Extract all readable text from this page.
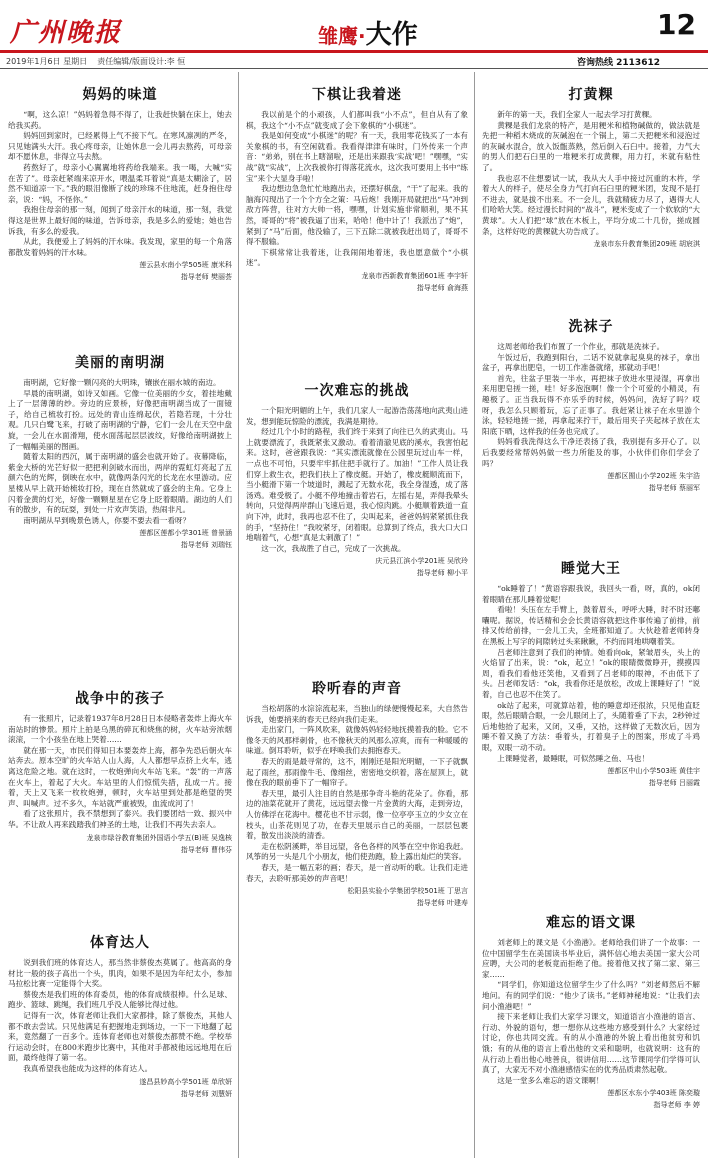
广州晚报	雏鹰·大作	12
2019年1月6日 星期日 责任编辑/版面设计:李 恒	咨询热线 2113612
妈妈的味道

“啊，这么凉！”妈妈着急得不得了，让我赶快躺在床上，她去给我买药。

妈妈回到家时，已经累得上气不接下气。在寒风凛冽的严冬，只见她满头大汗。我心疼母亲，让她休息一会儿再去熬药，可母亲却不愿休息，非得立马去熬。

药熬好了，母亲小心翼翼地将药给我端来。我一喝，大喊“实在苦了”。母亲赶紧端来凉开水，喂温柔耳着说“真是太糊涂了，居然不知道凉一下。”我的眼泪像断了线的珍珠不住地流，赶身抱住母亲，说：“妈，不怪你。”

我抱住母亲的那一刻，闻到了母亲汗水的味道，那一刻，我觉得这是世界上最好闻的味道，告诉母亲，我是多么的爱她；她也告诉我，有多么的爱我。

从此，我便爱上了妈妈的汗水味。我发现，家里的每一个角落都散发着妈妈的汗水味。

莲云县水南小学505班 康米科
指导老师 樊丽荟
美丽的南明湖

南明湖，它好像一颗闪亮的大明珠，镶嵌在丽水城的南边。

早晨的南明湖，如诗又如画。它像一位美丽的少女，着挂地戴上了一层薄薄的纱。旁边的应景桥，好像把南明湖当成了一面镜子，给自己梳妆打扮。远处的青山连绵起伏，若隐若现，十分壮观。几只白鹭飞来，打破了南明湖的宁静，它们一会儿在天空中盘旋，一会儿在水面滑翔，使水面荡起层层波纹，好像给南明湖披上了一幅幅美丽的图画。

随着太阳的西沉，属于南明湖的盛会也就开始了。夜幕降临，紫金大桥的光芒好似一把把利剑破水而出，两岸的霓虹灯亮起了五颜六色的光辉，倒映在水中，就像两条闪光的长龙在水里游动。应星楼从早上就开始梳妆打扮，现在自然就成了盛会的主角。它身上闪着金黄的灯光，好像一颗颗星星在它身上眨着眼睛。湖边的人们有的散步，有的玩耍，到处一片欢声笑语，热闹非凡。

南明湖从早到晚景色诱人，你要不要去看一看呀？

莲都区莲都小学301班 曾景涵
指导老师 刘瑞钰
战争中的孩子

有一张照片，记录着1937年8月28日日本侵略者轰炸上海火车南站时的惨景。照片上拍是乌黑的碎瓦和烧焦的树，火车站旁浓烟滚滚，一个小孩坐在地上哭着……

就在那一天，市民们得知日本要轰炸上海，都争先恐后朝火车站奔去。原本空旷的火车站人山人海，人人都想早点挤上火车，逃离这危险之地。就在这时，一枚炮弹向火车站飞来。“轰”的一声落在火车上，着起了大火。车站里的人们惊慌失措，乱成一片。接着，天上又飞来一枚枚炮弹，顿时，火车站里到处都是绝望的哭声、叫喊声。过不多久，车站就严重被毁，血流成河了！

看了这张照片，我不禁想到了泰兴。我们要团结一致、振兴中华。不让敌人再来践踏我们神圣的土地，让我们不再失去亲人。

龙泉市绿谷教育集团外国语小学五(B)班 吴逸核
指导老师 曹伟芬
体育达人

说到我们班的体育达人，那当然非蔡俊杰莫属了。他高高的身材比一般的孩子高出一个头，肌肉，如果不是因为年纪太小，参加马拉松比赛一定能得个大奖。

蔡俊杰是我们班的体育委员，他的体育成绩很棒。什么足球、跑步、篮球、跳绳，我们班几乎没人能够比得过他。

记得有一次，体育老师让我们大家都排，除了蔡俊杰，其他人都不敢去尝试。只见他满足有把握地走到场边，一下一下地翻了起来，竟然翻了一百多个。连体育老师也对蔡俊杰都赞不绝。学校举行运动会时，在800米跑步比赛中，其他对手都被他远远地甩在后面，最终他得了第一名。

我真希望我也能成为这样的体育达人。

遂昌县妙高小学501班 单欣妍
指导老师 刘慧妍
下棋让我着迷

我以前是个的小顽孩，人们都叫我“小不点”，但自从有了象棋，我这个“小不点”就变成了会下象棋的“小棋迷”。

我是如何变成“小棋迷”的呢？有一天，我用零花钱买了一本有关象棋的书，有空闲就看。我看得津津有味时，门外传来一个声音：“弟弟，别在书上瞎溜啦，还是出来跟我‘实战’吧！”嘿嘿，“实战”就“实战”，上次我被你打得落花流水，这次我可要用上书中“练宝”来个大显身手啦！

我边想边急急忙忙地跑出去，还摆好棋盘，“干”了起来。我的脑海闪现出了一个个方全之策：马后炮！我刚开局就把出“马”冲到敌方阵营，往对方大帅一将，嘿嘿，计划实施非常顺利，果不其然，哥哥的“将”被我逼了出来，哈哈！他中计了！我派出了“炮”，紧到了“马”后面，他没输了，三下五除二就被我赶出局了，哥哥不得不服输。

下棋常常让我着迷，让我闹闹地着迷，我也愿意做个“小棋迷”。

龙泉市西新教育集团601班 李宇轩
指导老师 俞海燕
一次难忘的挑战

一个阳光明媚的上午，我们几家人一起游浩荡荡地向武夷山进发，想到能玩惊险的漂流，我满是期待。

经过几个小时的路程，我们终于来到了向往已久的武夷山。马上就要漂流了，我既紧张又激动。看着清澈见底的溪水，我害怕起来。这时，爸爸跟我说：“其实漂流就像在公园里玩过山车一样，一点也不可怕，只要牢牢抓住把手就行了。加油！”工作人员让我们穿上救生衣，把我们扶上了橡皮艇。开始了，橡皮艇顺流而下，当小艇滑下第一个坡道时，溅起了无数水花，我全身湿透，成了落汤鸡。难受极了。小艇不停地撞击着岩石，左摇右晃，弄得我晕头转向，只觉得两岸群山飞速后退，我心惊肉跳。小艇顺着跌道一直向下冲，此时，我再也忍不住了，尖叫起来，爸爸妈妈紧紧抓住我的手，“坚持住！”我咬紧牙，闭着眼。总算到了终点，我大口大口地喘着气，心想“真是太刺激了！”

这一次，我战胜了自己，完成了一次挑战。

庆元县江滨小学201班 吴欣玲
指导老师 柳小平
聆听春的声音

当松胡落的水淙淙流起来，当独山的绿便慢慢起来，大自然告诉我，她要捎来的春天已经向我们走来。

走出家门，一阵风吹来，就像妈妈轻轻地抚摸着我的脸。它不像冬天的风那样刺骨，也不像秋天的风那么凉爽，而有一种暖暖的味道。倒耳聆听，似乎在呼唤我们去拥抱春天。

春天的雨是最寻常的，这不，刚刚还是阳光明媚，一下子就飘起了雨丝，那雨像牛毛、像细丝，密密地交织着，落在屋顶上，就像在我的眼前垂下了一幅帘子。

春天里，最引人注目的自然是那争奇斗艳的花朵了。你看，那边的油菜花就开了黄花，远远望去像一片金黄的大海，走到旁边，人仿佛浮在花海中。樱花也不甘示弱，像一位亭亭玉立的少女立在枝头，山茶花则见了功，在春天里展示自己的美丽，一层层包裹着，散发出淡淡的清香。

走在松阴溪畔，举目远望，各色各样的风筝在空中你追我赶。风筝的另一头是几个小朋友，他们使劲跑，脸上露出灿烂的笑容。

春天，是一幅五彩的画；春天，是一首动听的歌。让我们走进春天，去聆听那美妙的声音吧！

松阳县实验小学集团学校501班 丁思言
指导老师 叶建寿
打黄粿

新年的第一天，我们全家人一起去学习打黄粿。

黄粿是我们龙泉的特产，是用粳米和植物碱做的，做法就是先把一种稻木烧成的灰碱泡在一个锅上，第二天把粳米和浸泡过的灰碱水混合，放入饭甑蒸熟，然后倒入石臼中。接着，力气大的男人们把石臼里的一堆粳米打成黄粿，用力打，米就有粘性了。

我也忍不住想要试一试，我从大人手中接过沉重的木杵，学着大人的样子，使尽全身力气打向石臼里的粳米团，发现不是打不进去，就是拔不出来。不一会儿，我就精疲力尽了，遇得大人们哈哈大笑。经过漫长时间的“战斗”，粳米变成了一个软软的“大黄球”。大人们把“球”放在木板上，平均分成二十几份，搓成圆条，这样好吃的黄粿就大功告成了。

龙泉市东升教育集团209班 胡宸淇
洗袜子

这周老师给我们布置了一个作业，那就是洗袜子。

午饭过后，我跑到阳台，二话不说就拿起臭臭的袜子，拿出盆子，再拿出肥皂，一切工作准备就绪，那就动手吧！

首先，往盆子里装一半水，再把袜子放进水里浸湿，再拿出来用肥皂搓一搓，哇！好多泡泡啊！像一个个可爱的小精灵，有趣极了。正当我玩得不亦乐乎的时候，妈妈问，洗好了吗？哎呀，我怎么只顾着玩，忘了正事了。我赶紧让袜子在水里游个泳，轻轻地搓一搓，再拿起来拧干，最后用夹子夹起袜子放在太阳底下晒，这样我的任务也完成了。

妈妈看我洗得这么干净还表扬了我，我别提有多开心了。以后我要经常帮妈妈做一些力所能及的事，小伙伴们你们学会了吗？

莲都区囿山小学202班 朱宇浩
指导老师 蔡丽军
睡觉大王

“ok睡着了！”黄语容跟我说，我回头一看，呀，真的，ok闭着眼睛在那儿睡着觉呢！

看啦！头压在左手臂上，鼓着眉头，呼呼大睡，时不时还嘟囔呢。据说，传话精和会会长黄语容就把这件事传遍了前排，前排又传给前排，一会儿工夫，全班都知道了。大伙趁着老师转身在黑板上写字的间隙转过头来瞅瞅，不约而同地哄嘲着笑。

吕老师注意到了我们的神情。她看向ok，紧皱眉头，头上的火焰冒了出来，说：“ok，起立！”ok的眼睛微微睁开，摸摸四周，看我们看他还笑他，又看到了吕老师的眼神，不由低下了头。吕老师发话：“ok，我看你还是放松，改成上课睡好了！”说着，自己也忍不住笑了。

ok站了起来，可就算站着，他的睡意却还很浓，只见他直眨眼，然后眼睛合眼，一会儿眼闭上了，头随着垂了下去，2秒钟过后地他抬了起来，又闭，又垂，又抬，这样做了无数次后，因为睡不着又换了方法：垂着头，打着臭子上的图案，形成了斗鸡眼，双眼一动不动。

上课睡觉者，最睡眠，可似然睡之鱼、马也！

莲都区中山小学503班 黄佳宇
指导老师 吕丽霞
难忘的语文课

刘老师上的课文是《小渔港》。老师给我们讲了一个故事：一位中国留学生在美国读书毕业后，满怀信心地去美国一家大公司应聘，大公司的老板竟而拒绝了他。接着他又找了第二家、第三家……

“同学们，你知道这位留学生少了什么吗？”刘老师然后不解地问。有的同学们说：“他少了读书。”老师神秘地说：“让我们去问小渔港吧！”

接下来老师让我们大家学习课文，知道语言小渔港的语言、行动、外貌的语句，想一想你从这些地方感受到什么？大家经过讨论，你也共同交流。有的从小渔港的外貌上看出他贫穷和饥饿；有的从他的语言上看出他的文采和聪明，也就说明：这有的从行动上看出他心地善良，很讲信用……这节课同学们学得可认真了，大家无不对小渔港感悟实在的优秀品质肃然起敬。

这是一堂多么难忘的语文课啊！

莲都区水东小学403班 陈奕璇
指导老师 李 婷
